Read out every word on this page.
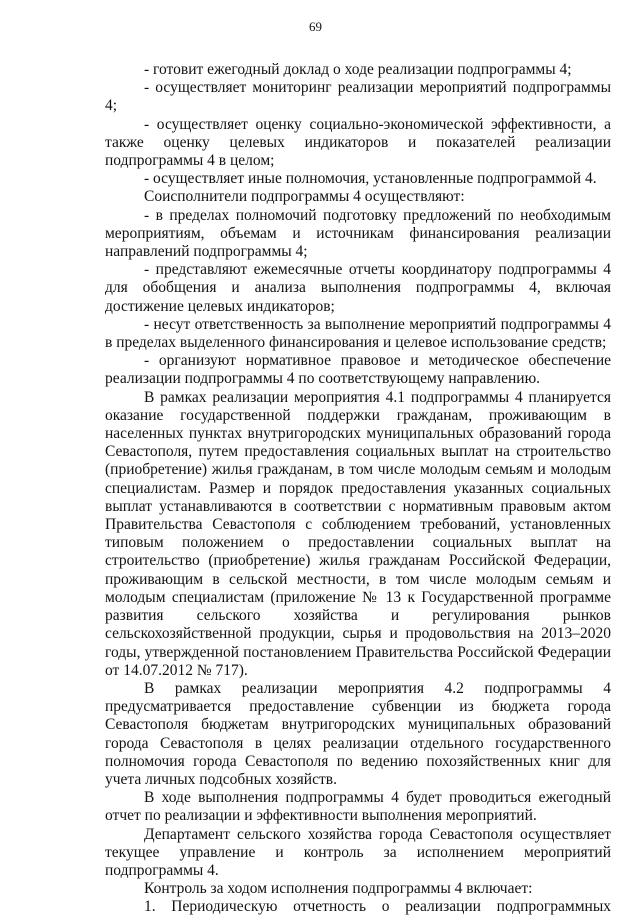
69

- готовит ежегодный доклад о ходе реализации подпрограммы 4;

- осуществляет мониторинг реализации мероприятий подпрограммы 4;

- осуществляет оценку социально-экономической эффективности, а также оценку целевых индикаторов и показателей реализации подпрограммы 4 в целом;

- осуществляет иные полномочия, установленные подпрограммой 4.

Соисполнители подпрограммы 4 осуществляют:

- в пределах полномочий подготовку предложений по необходимым мероприятиям, объемам и источникам финансирования реализации направлений подпрограммы 4;

- представляют ежемесячные отчеты координатору подпрограммы 4 для обобщения и анализа выполнения подпрограммы 4, включая достижение целевых индикаторов;

- несут ответственность за выполнение мероприятий подпрограммы 4 в пределах выделенного финансирования и целевое использование средств;

- организуют нормативное правовое и методическое обеспечение реализации подпрограммы 4 по соответствующему направлению.

В рамках реализации мероприятия 4.1 подпрограммы 4 планируется оказание государственной поддержки гражданам, проживающим в населенных пунктах внутригородских муниципальных образований города Севастополя, путем предоставления социальных выплат на строительство (приобретение) жилья гражданам, в том числе молодым семьям и молодым специалистам. Размер и порядок предоставления указанных социальных выплат устанавливаются в соответствии с нормативным правовым актом Правительства Севастополя с соблюдением требований, установленных типовым положением о предоставлении социальных выплат на строительство (приобретение) жилья гражданам Российской Федерации, проживающим в сельской местности, в том числе молодым семьям и молодым специалистам (приложение № 13 к Государственной программе развития сельского хозяйства и регулирования рынков сельскохозяйственной продукции, сырья и продовольствия на 2013–2020 годы, утвержденной постановлением Правительства Российской Федерации от 14.07.2012 № 717).

В рамках реализации мероприятия 4.2 подпрограммы 4 предусматривается предоставление субвенции из бюджета города Севастополя бюджетам внутригородских муниципальных образований города Севастополя в целях реализации отдельного государственного полномочия города Севастополя по ведению похозяйственных книг для учета личных подсобных хозяйств.

В ходе выполнения подпрограммы 4 будет проводиться ежегодный отчет по реализации и эффективности выполнения мероприятий.

Департамент сельского хозяйства города Севастополя осуществляет текущее управление и контроль за исполнением мероприятий подпрограммы 4.

Контроль за ходом исполнения подпрограммы 4 включает:

1. Периодическую отчетность о реализации подпрограммных
